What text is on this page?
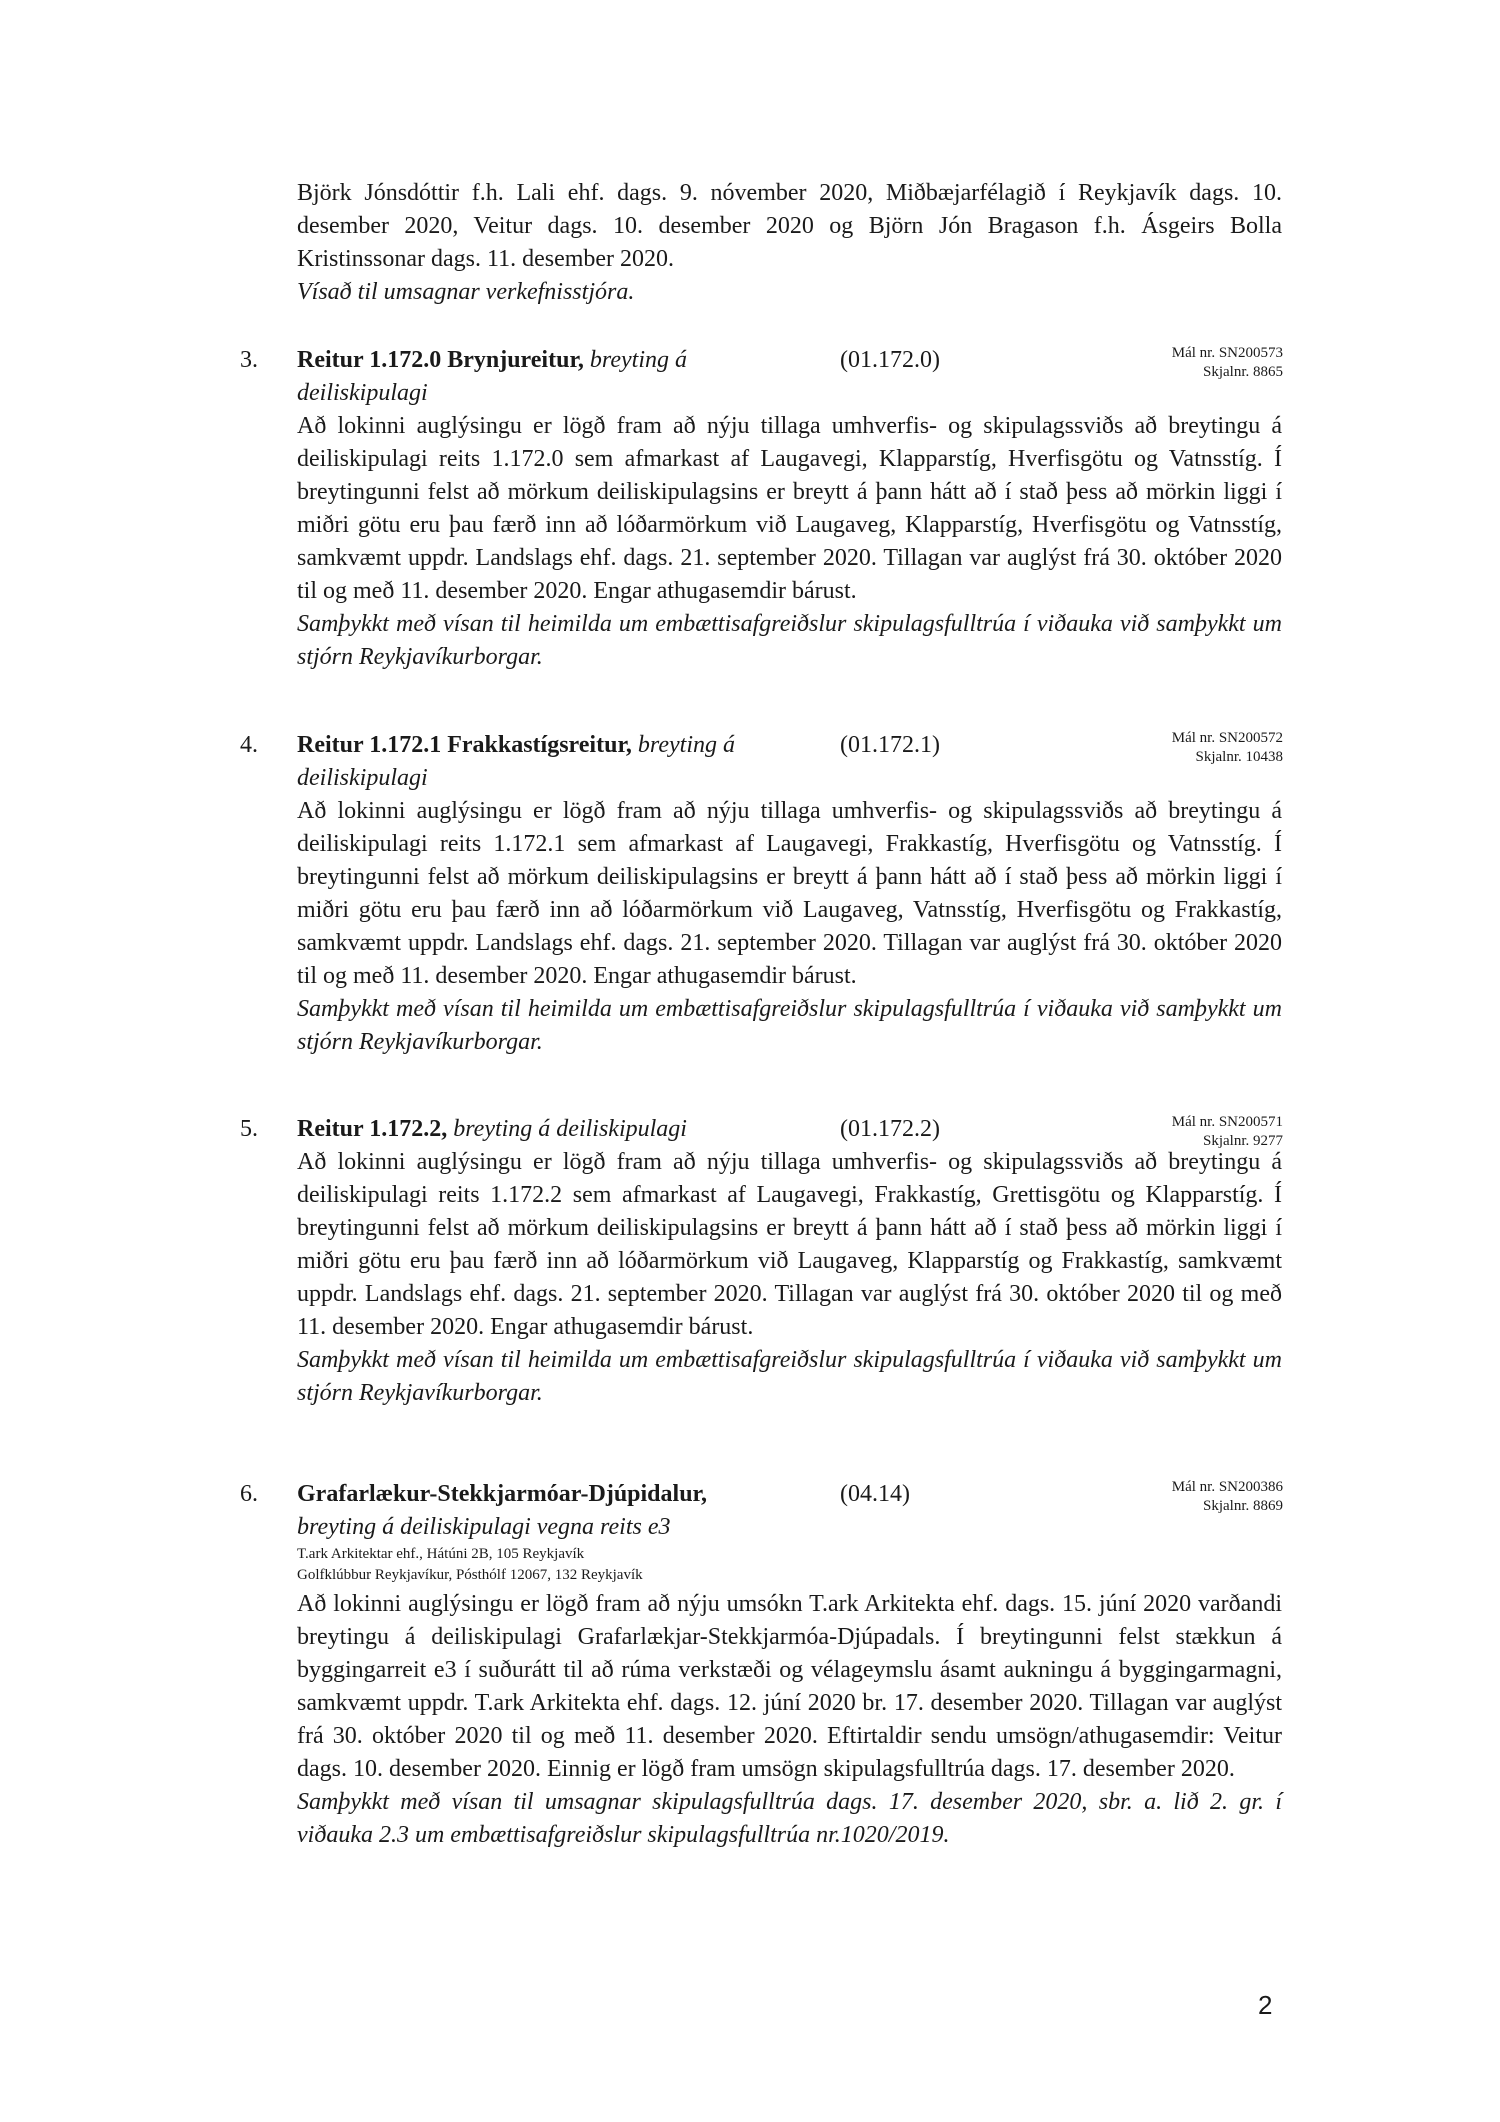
Björk Jónsdóttir f.h. Lali ehf. dags. 9. nóvember 2020, Miðbæjarfélagið í Reykjavík dags. 10. desember 2020, Veitur dags. 10. desember 2020 og Björn Jón Bragason f.h. Ásgeirs Bolla Kristinssonar dags. 11. desember 2020.

Vísað til umsagnar verkefnisstjóra.

3. Reitur 1.172.0 Brynjureitur, breyting á deiliskipulagi
(01.172.0)	Mál nr. SN200573
Skjalnr. 8865

Að lokinni auglýsingu er lögð fram að nýju tillaga umhverfis- og skipulagssviðs að breytingu á deiliskipulagi reits 1.172.0 sem afmarkast af Laugavegi, Klapparstíg, Hverfisgötu og Vatnsstíg. Í breytingunni felst að mörkum deiliskipulagsins er breytt á þann hátt að í stað þess að mörkin liggi í miðri götu eru þau færð inn að lóðarmörkum við Laugaveg, Klapparstíg, Hverfisgötu og Vatnsstíg, samkvæmt uppdr. Landslags ehf. dags. 21. september 2020. Tillagan var auglýst frá 30. október 2020 til og með 11. desember 2020. Engar athugasemdir bárust.

Samþykkt með vísan til heimilda um embættisafgreiðslur skipulagsfulltrúa í viðauka við samþykkt um stjórn Reykjavíkurborgar.

4. Reitur 1.172.1 Frakkastígsreitur, breyting á deiliskipulagi
(01.172.1)	Mál nr. SN200572
Skjalnr. 10438

Að lokinni auglýsingu er lögð fram að nýju tillaga umhverfis- og skipulagssviðs að breytingu á deiliskipulagi reits 1.172.1 sem afmarkast af Laugavegi, Frakkastíg, Hverfisgötu og Vatnsstíg. Í breytingunni felst að mörkum deiliskipulagsins er breytt á þann hátt að í stað þess að mörkin liggi í miðri götu eru þau færð inn að lóðarmörkum við Laugaveg, Vatnsstíg, Hverfisgötu og Frakkastíg, samkvæmt uppdr. Landslags ehf. dags. 21. september 2020. Tillagan var auglýst frá 30. október 2020 til og með 11. desember 2020. Engar athugasemdir bárust.

Samþykkt með vísan til heimilda um embættisafgreiðslur skipulagsfulltrúa í viðauka við samþykkt um stjórn Reykjavíkurborgar.

5. Reitur 1.172.2, breyting á deiliskipulagi	(01.172.2)	Mál nr. SN200571
Skjalnr. 9277

Að lokinni auglýsingu er lögð fram að nýju tillaga umhverfis- og skipulagssviðs að breytingu á deiliskipulagi reits 1.172.2 sem afmarkast af Laugavegi, Frakkastíg, Grettisgötu og Klapparstíg. Í breytingunni felst að mörkum deiliskipulagsins er breytt á þann hátt að í stað þess að mörkin liggi í miðri götu eru þau færð inn að lóðarmörkum við Laugaveg, Klapparstíg og Frakkastíg, samkvæmt uppdr. Landslags ehf. dags. 21. september 2020. Tillagan var auglýst frá 30. október 2020 til og með 11. desember 2020. Engar athugasemdir bárust.

Samþykkt með vísan til heimilda um embættisafgreiðslur skipulagsfulltrúa í viðauka við samþykkt um stjórn Reykjavíkurborgar.

6. Grafarlækur-Stekkjarmóar-Djúpidalur, breyting á deiliskipulagi vegna reits e3
(04.14)	Mál nr. SN200386
Skjalnr. 8869
T.ark Arkitektar ehf., Hátúni 2B, 105 Reykjavík
Golfklúbbur Reykjavíkur, Pósthólf 12067, 132 Reykjavík

Að lokinni auglýsingu er lögð fram að nýju umsókn T.ark Arkitekta ehf. dags. 15. júní 2020 varðandi breytingu á deiliskipulagi Grafarlækjar-Stekkjarmóa-Djúpadals. Í breytingunni felst stækkun á byggingarreit e3 í suðurátt til að rúma verkstæði og vélageymslu ásamt aukningu á byggingarmagni, samkvæmt uppdr. T.ark Arkitekta ehf. dags. 12. júní 2020 br. 17. desember 2020. Tillagan var auglýst frá 30. október 2020 til og með 11. desember 2020. Eftirtaldir sendu umsögn/athugasemdir: Veitur dags. 10. desember 2020. Einnig er lögð fram umsögn skipulagsfulltrúa dags. 17. desember 2020.

Samþykkt með vísan til umsagnar skipulagsfulltrúa dags. 17. desember 2020, sbr. a. lið 2. gr. í viðauka 2.3 um embættisafgreiðslur skipulagsfulltrúa nr.1020/2019.

2
